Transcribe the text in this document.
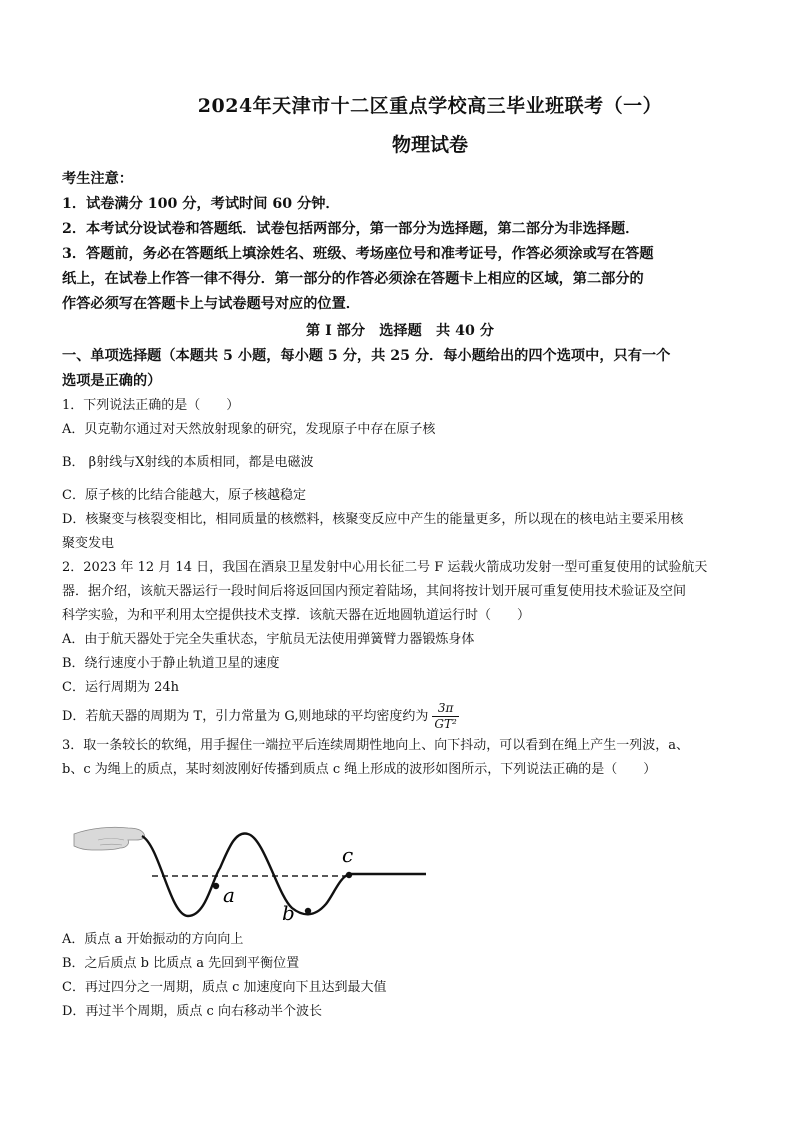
2024年天津市十二区重点学校高三毕业班联考（一）
物理试卷
考生注意：
1．试卷满分 100 分，考试时间 60 分钟．
2．本考试分设试卷和答题纸．试卷包括两部分，第一部分为选择题，第二部分为非选择题．
3．答题前，务必在答题纸上填涂姓名、班级、考场座位号和准考证号，作答必须涂或写在答题
纸上，在试卷上作答一律不得分．第一部分的作答必须涂在答题卡上相应的区域，第二部分的
作答必须写在答题卡上与试卷题号对应的位置．
第 I 部分　选择题　共 40 分
一、单项选择题（本题共 5 小题，每小题 5 分，共 25 分．每小题给出的四个选项中，只有一个
选项是正确的）
1．下列说法正确的是（　　）
A．贝克勒尔通过对天然放射现象的研究，发现原子中存在原子核
B． β射线与X射线的本质相同，都是电磁波
C．原子核的比结合能越大，原子核越稳定
D．核聚变与核裂变相比，相同质量的核燃料，核聚变反应中产生的能量更多，所以现在的核电站主要采用核
聚变发电
2．2023 年 12 月 14 日，我国在酒泉卫星发射中心用长征二号 F 运载火箭成功发射一型可重复使用的试验航天
器．据介绍，该航天器运行一段时间后将返回国内预定着陆场，其间将按计划开展可重复使用技术验证及空间
科学实验，为和平利用太空提供技术支撑．该航天器在近地圆轨道运行时（　　）
A．由于航天器处于完全失重状态，宇航员无法使用弹簧臂力器锻炼身体
B．绕行速度小于静止轨道卫星的速度
C．运行周期为 24h
D．若航天器的周期为 T，引力常量为 G,则地球的平均密度约为 $\frac{3\pi}{\text{GT²}}$
3．取一条较长的软绳，用手握住一端拉平后连续周期性地向上、向下抖动，可以看到在绳上产生一列波，a、
b、c 为绳上的质点，某时刻波刚好传播到质点 c 绳上形成的波形如图所示，下列说法正确的是（　　）
a
b
c
A．质点 a 开始振动的方向向上
B．之后质点 b 比质点 a 先回到平衡位置
C．再过四分之一周期，质点 c 加速度向下且达到最大值
D．再过半个周期，质点 c 向右移动半个波长
